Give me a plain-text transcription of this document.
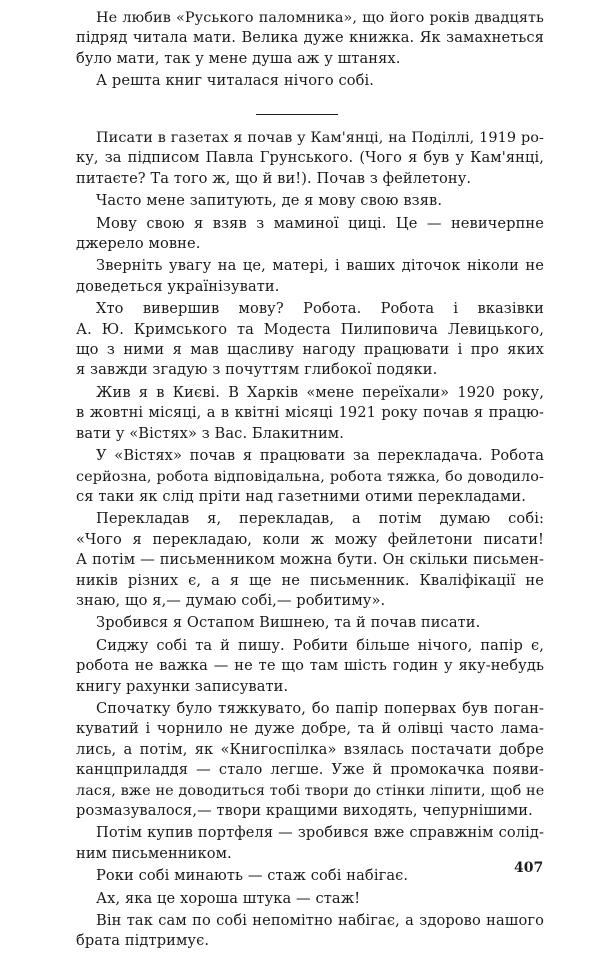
Не любив «Руського паломника», що його років двадцять
підряд читала мати. Велика дуже книжка. Як замахнеться
було мати, так у мене душа аж у штанях.
А решта книг читалася нічого собі.
Писати в газетах я почав у Кам'янці, на Поділлі, 1919 ро-
ку, за підписом Павла Грунського. (Чого я був у Кам'янці,
питаєте? Та того ж, що й ви!). Почав з фейлетону.
Часто мене запитують, де я мову свою взяв.
Мову свою я взяв з маминої циці. Це — невичерпне
джерело мовне.
Зверніть увагу на це, матері, і ваших діточок ніколи не
доведеться українізувати.
Хто вивершив мову? Робота. Робота і вказівки
А. Ю. Кримського та Модеста Пилиповича Левицького,
що з ними я мав щасливу нагоду працювати і про яких
я завжди згадую з почуттям глибокої подяки.
Жив я в Києві. В Харків «мене переїхали» 1920 року,
в жовтні місяці, а в квітні місяці 1921 року почав я працю-
вати у «Вістях» з Вас. Блакитним.
У «Вістях» почав я працювати за перекладача. Робота
серйозна, робота відповідальна, робота тяжка, бо доводило-
ся таки як слід пріти над газетними отими перекладами.
Перекладав я, перекладав, а потім думаю собі:
«Чого я перекладаю, коли ж можу фейлетони писати!
А потім — письменником можна бути. Он скільки письмен-
ників різних є, а я ще не письменник. Кваліфікації не
знаю, що я,— думаю собі,— робитиму».
Зробився я Остапом Вишнею, та й почав писати.
Сиджу собі та й пишу. Робити більше нічого, папір є,
робота не важка — не те що там шість годин у яку-небудь
книгу рахунки записувати.
Спочатку було тяжкувато, бо папір попервах був поган-
куватий і чорнило не дуже добре, та й олівці часто лама-
лись, а потім, як «Книгоспілка» взялась постачати добре
канцприладдя — стало легше. Уже й промокачка появи-
лася, вже не доводиться тобі твори до стінки ліпити, щоб не
розмазувалося,— твори кращими виходять, чепурнішими.
Потім купив портфеля — зробився вже справжнім солід-
ним письменником.
Роки собі минають — стаж собі набігає.
Ах, яка це хороша штука — стаж!
Він так сам по собі непомітно набігає, а здорово нашого
брата підтримує.
407
